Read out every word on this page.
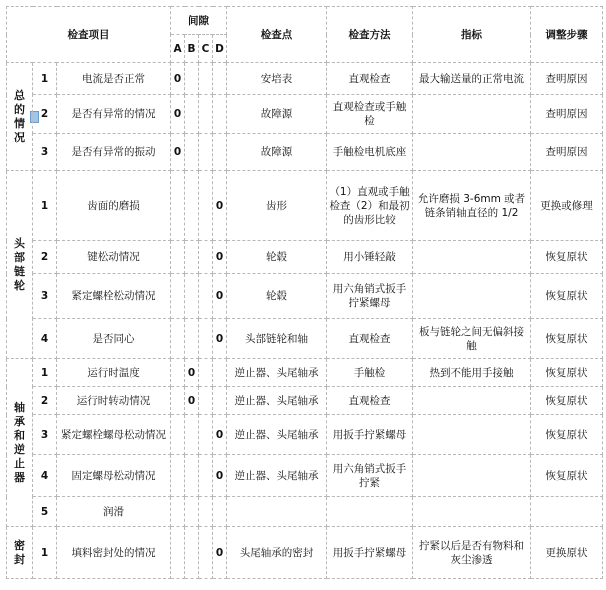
检查项目			间隙				检查点	检查方法	指标	调整步骤
			A	B	C	D				
总的情况	1	电流是否正常	0				安培表	直观检查	最大输送量的正常电流	查明原因
	2	是否有异常的情况	0				故障源	直观检查或手触检		查明原因
	3	是否有异常的振动	0				故障源	手触检电机底座		查明原因
头部链轮	1	齿面的磨损				0	齿形	（1）直观或手触检查（2）和最初的齿形比较	允许磨损 3-6mm 或者链条销轴直径的 1/2	更换或修理
	2	键松动情况				0	轮毂	用小锤轻敲		恢复原状
	3	紧定螺栓松动情况				0	轮毂	用六角销式扳手拧紧螺母		恢复原状
	4	是否同心				0	头部链轮和轴	直观检查	板与链轮之间无偏斜接触	恢复原状
轴承和逆止器	1	运行时温度		0			逆止器、头尾轴承	手触检	热到不能用手接触	恢复原状
	2	运行时转动情况		0			逆止器、头尾轴承	直观检查		恢复原状
	3	紧定螺栓螺母松动情况				0	逆止器、头尾轴承	用扳手拧紧螺母		恢复原状
	4	固定螺母松动情况				0	逆止器、头尾轴承	用六角销式扳手拧紧		恢复原状
	5	润滑								
密封	1	填料密封处的情况				0	头尾轴承的密封	用扳手拧紧螺母	拧紧以后是否有物料和灰尘渗透	更换原状
